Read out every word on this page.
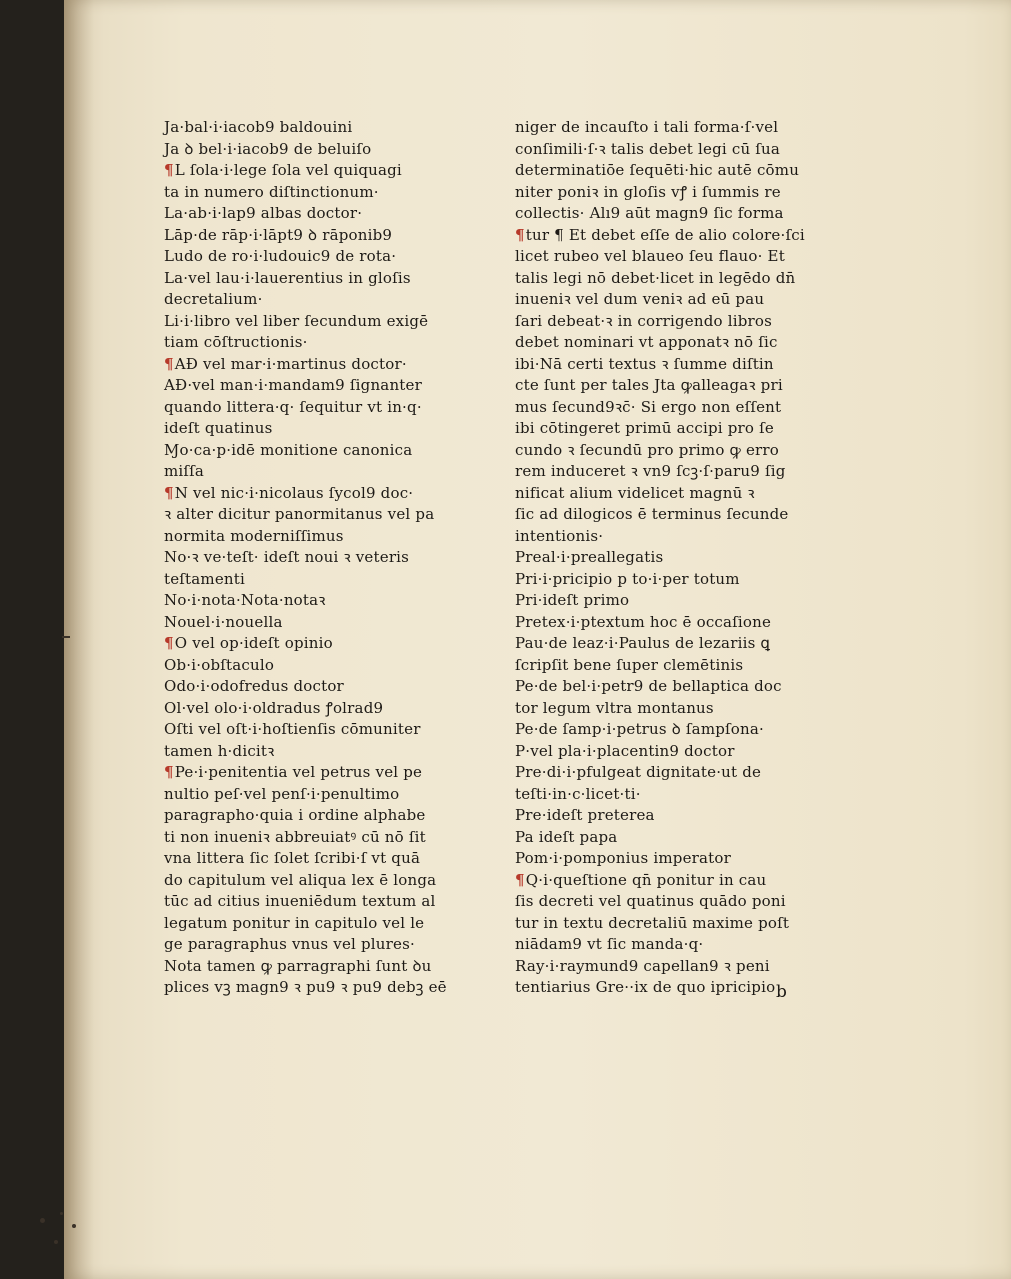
Ja·bal·i·iacob9 baldouini
Ja ꝺ bel·i·iacob9 de beluiſo
¶L ſola·i·lege ſola vel quiquagi
ta in numero diſtinctionum·
La·ab·i·lap9 albas doctor·
Lāp·de rāp·i·lāpt9 ꝺ rāponib9
Ludo de ro·i·ludouic9 de rota·
La·vel lau·i·lauerentius in gloſis
decretalium·
Li·i·libro vel liber ſecundum exigē
tiam cōſtructionis·
¶AƉ vel mar·i·martinus doctor·
AƉ·vel man·i·mandam9 ſignanter
quando littera·q· ſequitur vt in·q·
ideſt quatinus
Ɱo·ca·p·idē monitione canonica
miſſa
¶N vel nic·i·nicolaus ſycol9 doc·
ꝛ alter dicitur panormitanus vel pa
normita moderniſſimus
No·ꝛ ve·teſt· ideſt noui ꝛ veteris
teſtamenti
No·i·nota·Nota·notaꝛ
Nouel·i·nouella
¶O vel op·ideſt opinio
Ob·i·obſtaculo
Odo·i·odofredus doctor
Ol·vel olo·i·oldradus ꝭolrad9
Oſti vel oſt·i·hoſtienſis cōmuniter
tamen h·dicitꝛ
¶Pe·i·penitentia vel petrus vel pe
nultio peſ·vel penſ·i·penultimo
paragrapho·quia i ordine alphabe
ti non inueniꝛ abbreuiatꝰ cū nō ſit
vna littera ſic ſolet ſcribi·ſ vt quā
do capitulum vel aliqua lex ē longa
tūc ad citius inueniēdum textum al
legatum ponitur in capitulo vel le
ge paragraphus vnus vel plures·
Nota tamen ꝙ parragraphi ſunt ꝺu
plices vꝫ magn9 ꝛ pu9 ꝛ pu9 debꝫ eē
niger de incauſto i tali forma·ſ·vel
conſimili·ſ·ꝛ talis debet legi cū ſua
determinatiōe ſequēti·hic autē cōmu
niter poniꝛ in gloſis vꝭ i ſummis re
collectis· Alı9 aūt magn9 ſic forma
¶tur ¶ Et debet eſſe de alio colore·ſci
licet rubeo vel blaueo ſeu flauo· Et
talis legi nō debet·licet in legēdo dn̄
inueniꝛ vel dum veniꝛ ad eū pau
ſari debeat·ꝛ in corrigendo libros
debet nominari vt apponatꝛ nō ſic
ibi·Nā certi textus ꝛ ſumme diſtin
cte ſunt per tales Jta ꝙalleagaꝛ pri
mus ſecund9ꝛc̄· Si ergo non eſſent
ibi cōtingeret primū accipi pro ſe
cundo ꝛ ſecundū pro primo ꝙ erro
rem induceret ꝛ vn9 ſcꝫ·ſ·paru9 ſig
nificat alium videlicet magnū ꝛ
ſic ad dilogicos ē terminus ſecunde
intentionis·
Preal·i·preallegatis
Pri·i·pricipio p to·i·per totum
Pri·ideſt primo
Pretex·i·ptextum hoc ē occaſione
Pau·de leaz·i·Paulus de lezariis ꝗ
ſcripſit bene ſuper clemētinis
Pe·de bel·i·petr9 de bellaptica doc
tor legum vltra montanus
Pe·de ſamp·i·petrus ꝺ ſampſona·
P·vel pla·i·placentin9 doctor
Pre·di·i·pfulgeat dignitate·ut de
teſti·in·c·licet·ti·
Pre·ideſt preterea
Pa ideſt papa
Pom·i·pomponius imperator
¶Q·i·queſtione qn̄ ponitur in cau
ſis decreti vel quatinus quādo poni
tur in textu decretaliū maxime poſt
niādam9 vt ſic manda·q·
Ray·i·raymund9 capellan9 ꝛ peni
tentiarius Gre··ix de quo ipricipio b
